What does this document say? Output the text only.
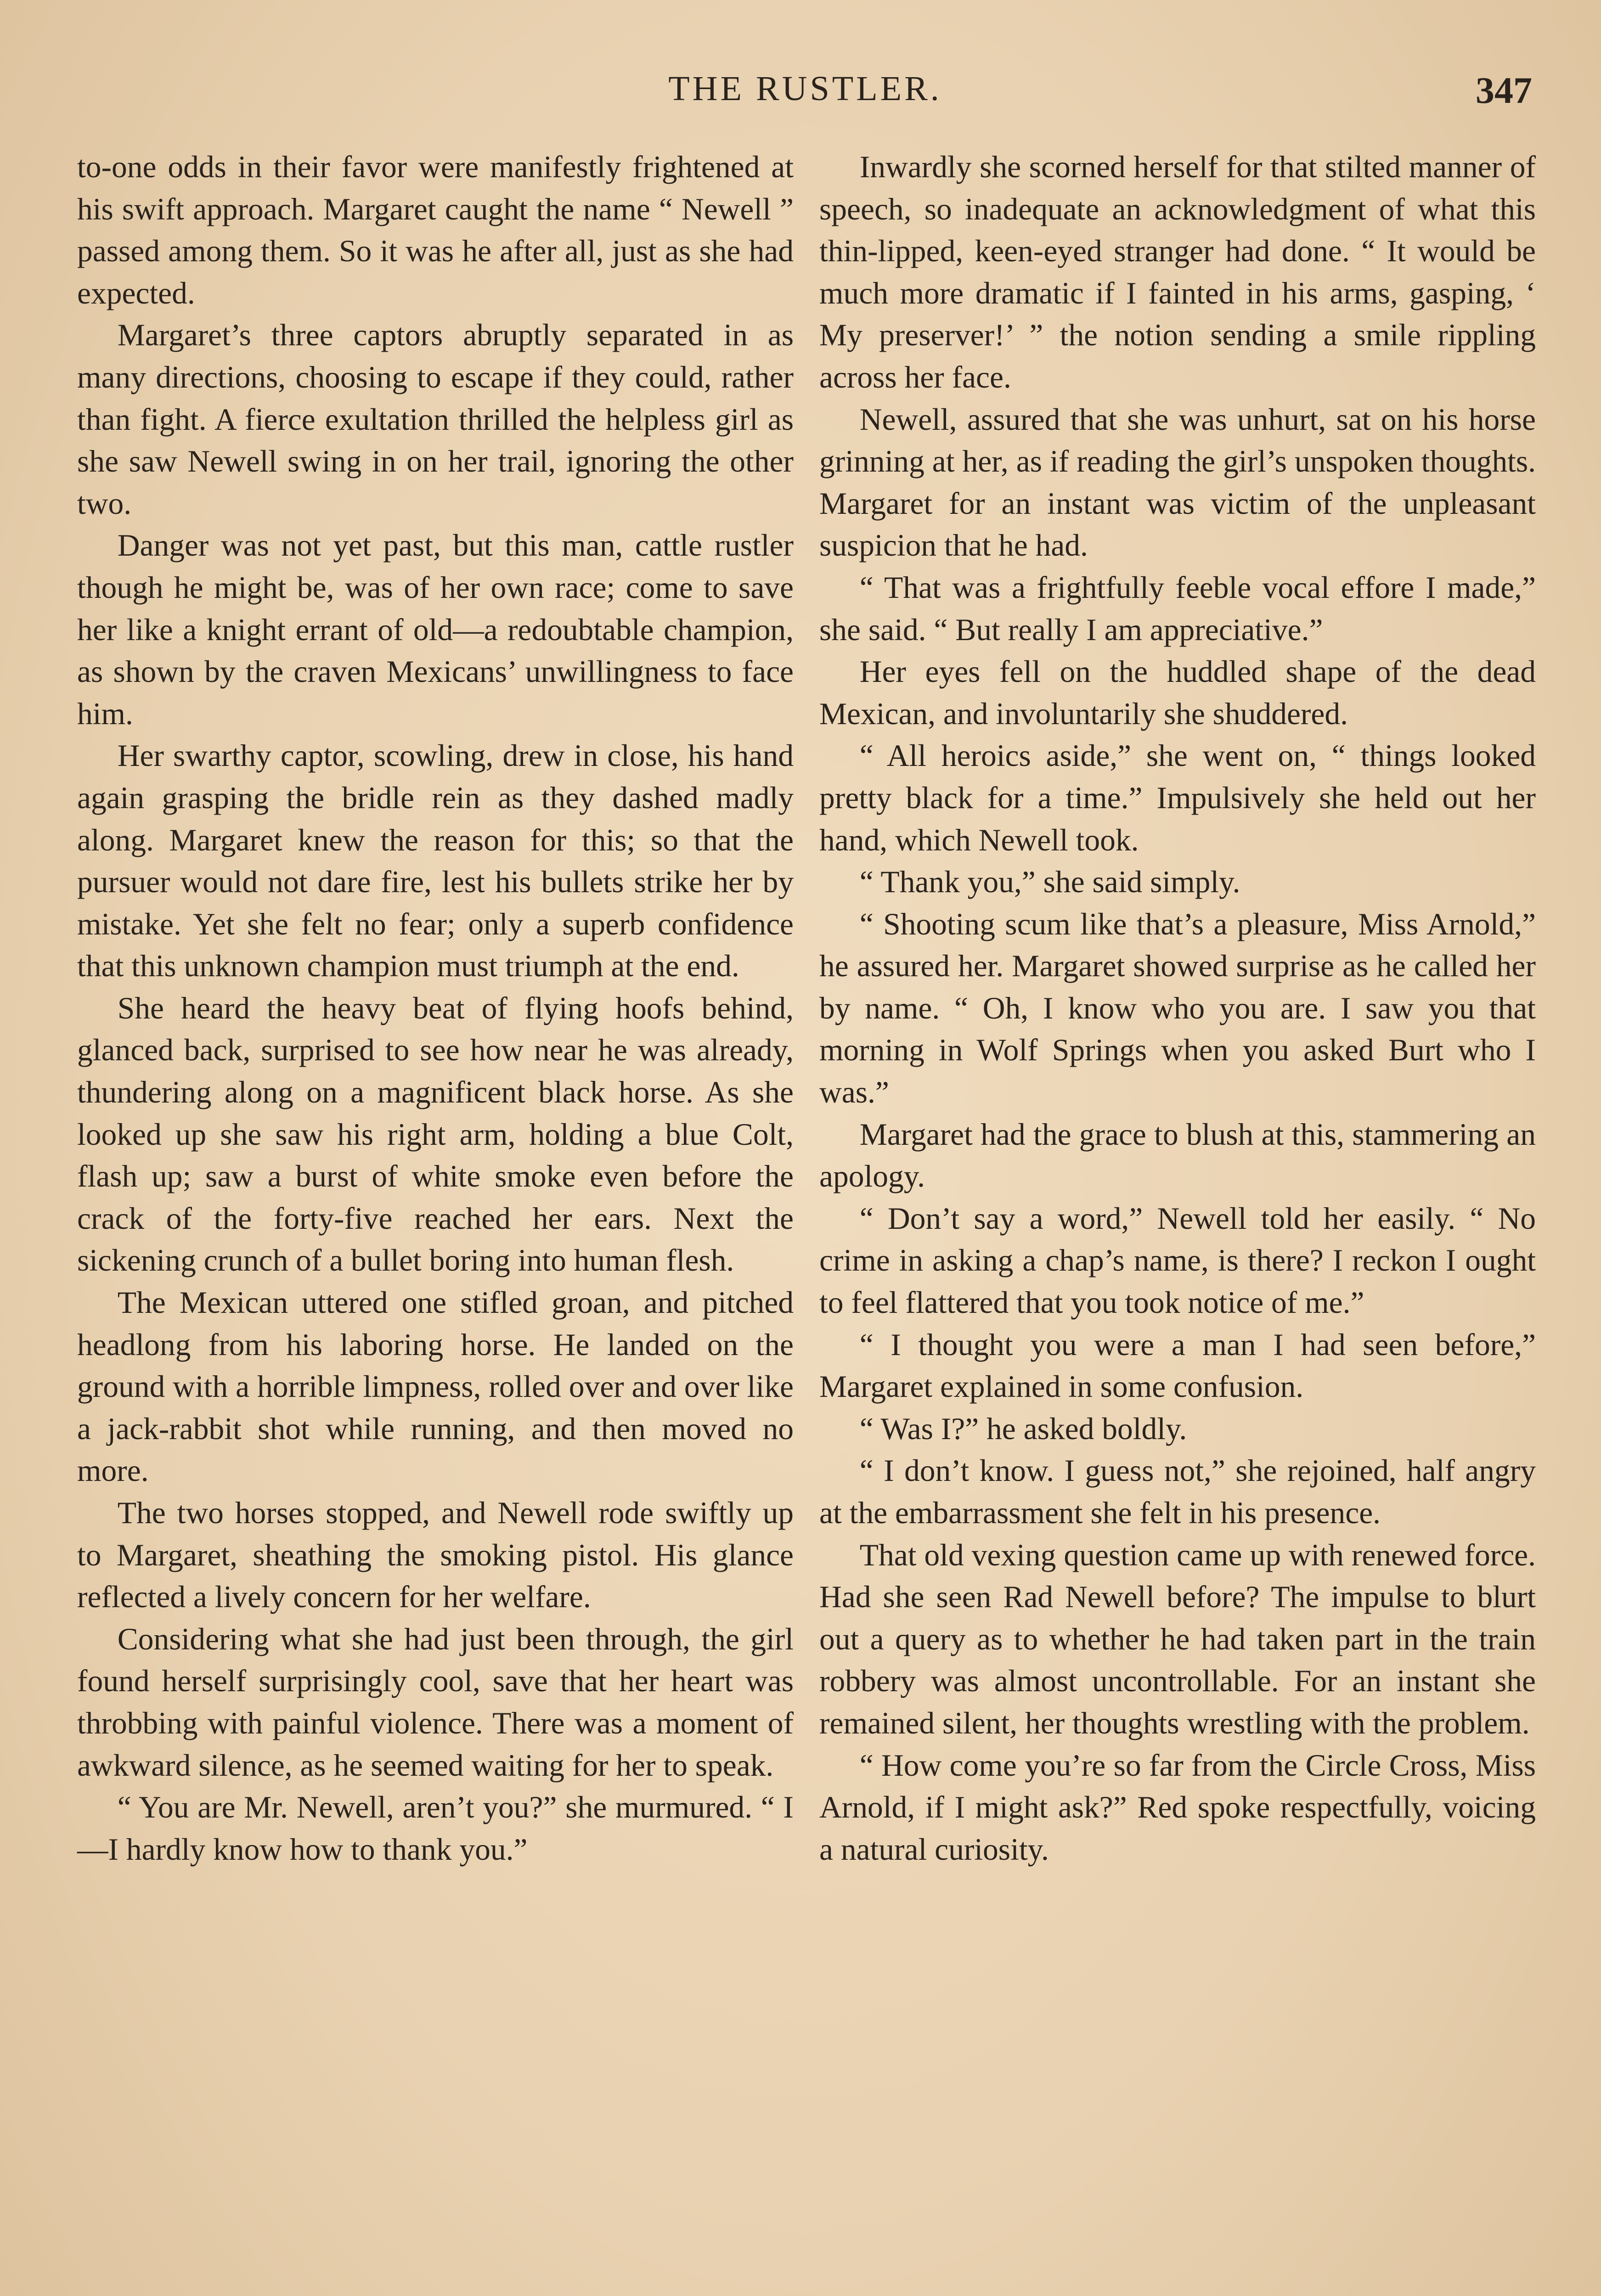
THE RUSTLER.	347

to-one odds in their favor were manifestly frightened at his swift approach. Margaret caught the name “ Newell ” passed among them. So it was he after all, just as she had expected.

Margaret’s three captors abruptly separated in as many directions, choosing to escape if they could, rather than fight. A fierce exultation thrilled the helpless girl as she saw Newell swing in on her trail, ignoring the other two.

Danger was not yet past, but this man, cattle rustler though he might be, was of her own race; come to save her like a knight errant of old—a redoubtable champion, as shown by the craven Mexicans’ unwillingness to face him.

Her swarthy captor, scowling, drew in close, his hand again grasping the bridle rein as they dashed madly along. Margaret knew the reason for this; so that the pursuer would not dare fire, lest his bullets strike her by mistake. Yet she felt no fear; only a superb confidence that this unknown champion must triumph at the end.

She heard the heavy beat of flying hoofs behind, glanced back, surprised to see how near he was already, thundering along on a magnificent black horse. As she looked up she saw his right arm, holding a blue Colt, flash up; saw a burst of white smoke even before the crack of the forty-five reached her ears. Next the sickening crunch of a bullet boring into human flesh.

The Mexican uttered one stifled groan, and pitched headlong from his laboring horse. He landed on the ground with a horrible limpness, rolled over and over like a jack-rabbit shot while running, and then moved no more.

The two horses stopped, and Newell rode swiftly up to Margaret, sheathing the smoking pistol. His glance reflected a lively concern for her welfare.

Considering what she had just been through, the girl found herself surprisingly cool, save that her heart was throbbing with painful violence. There was a moment of awkward silence, as he seemed waiting for her to speak.

“ You are Mr. Newell, aren’t you?” she murmured. “ I—I hardly know how to thank you.”

Inwardly she scorned herself for that stilted manner of speech, so inadequate an acknowledgment of what this thin-lipped, keen-eyed stranger had done. “ It would be much more dramatic if I fainted in his arms, gasping, ‘ My preserver!’ ” the notion sending a smile rippling across her face.

Newell, assured that she was unhurt, sat on his horse grinning at her, as if reading the girl’s unspoken thoughts. Margaret for an instant was victim of the unpleasant suspicion that he had.

“ That was a frightfully feeble vocal effore I made,” she said. “ But really I am appreciative.”

Her eyes fell on the huddled shape of the dead Mexican, and involuntarily she shuddered.

“ All heroics aside,” she went on, “ things looked pretty black for a time.” Impulsively she held out her hand, which Newell took.

“ Thank you,” she said simply.

“ Shooting scum like that’s a pleasure, Miss Arnold,” he assured her. Margaret showed surprise as he called her by name. “ Oh, I know who you are. I saw you that morning in Wolf Springs when you asked Burt who I was.”

Margaret had the grace to blush at this, stammering an apology.

“ Don’t say a word,” Newell told her easily. “ No crime in asking a chap’s name, is there? I reckon I ought to feel flattered that you took notice of me.”

“ I thought you were a man I had seen before,” Margaret explained in some confusion.

“ Was I?” he asked boldly.

“ I don’t know. I guess not,” she rejoined, half angry at the embarrassment she felt in his presence.

That old vexing question came up with renewed force. Had she seen Rad Newell before? The impulse to blurt out a query as to whether he had taken part in the train robbery was almost uncontrollable. For an instant she remained silent, her thoughts wrestling with the problem.

“ How come you’re so far from the Circle Cross, Miss Arnold, if I might ask?” Red spoke respectfully, voicing a natural curiosity.
